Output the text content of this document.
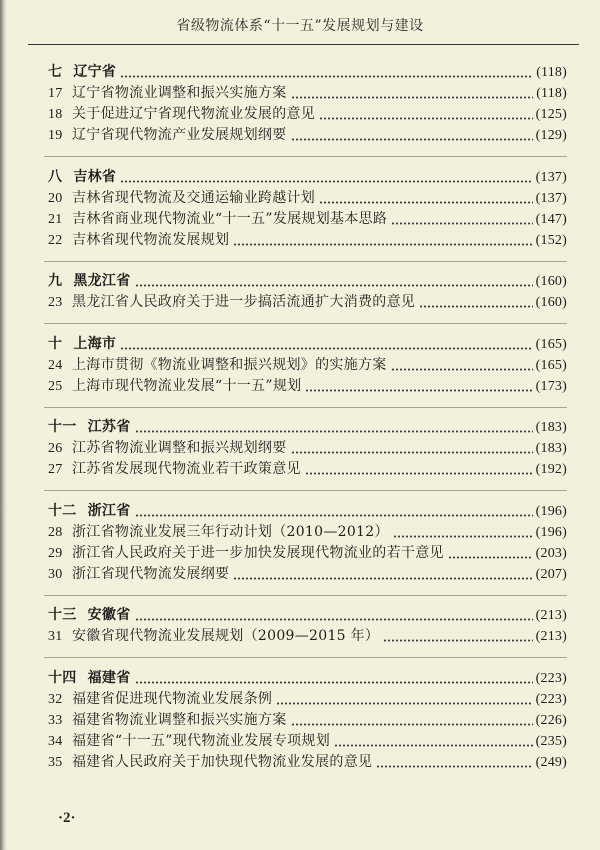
省级物流体系“十一五”发展规划与建设
七 辽宁省	(118)
17 辽宁省物流业调整和振兴实施方案	(118)
18 关于促进辽宁省现代物流业发展的意见	(125)
19 辽宁省现代物流产业发展规划纲要	(129)
八 吉林省	(137)
20 吉林省现代物流及交通运输业跨越计划	(137)
21 吉林省商业现代物流业“十一五”发展规划基本思路	(147)
22 吉林省现代物流发展规划	(152)
九 黑龙江省	(160)
23 黑龙江省人民政府关于进一步搞活流通扩大消费的意见	(160)
十 上海市	(165)
24 上海市贯彻《物流业调整和振兴规划》的实施方案	(165)
25 上海市现代物流业发展“十一五”规划	(173)
十一 江苏省	(183)
26 江苏省物流业调整和振兴规划纲要	(183)
27 江苏省发展现代物流业若干政策意见	(192)
十二 浙江省	(196)
28 浙江省物流业发展三年行动计划（2010—2012）	(196)
29 浙江省人民政府关于进一步加快发展现代物流业的若干意见	(203)
30 浙江省现代物流发展纲要	(207)
十三 安徽省	(213)
31 安徽省现代物流业发展规划（2009—2015 年）	(213)
十四 福建省	(223)
32 福建省促进现代物流业发展条例	(223)
33 福建省物流业调整和振兴实施方案	(226)
34 福建省“十一五”现代物流业发展专项规划	(235)
35 福建省人民政府关于加快现代物流业发展的意见	(249)
·2·
